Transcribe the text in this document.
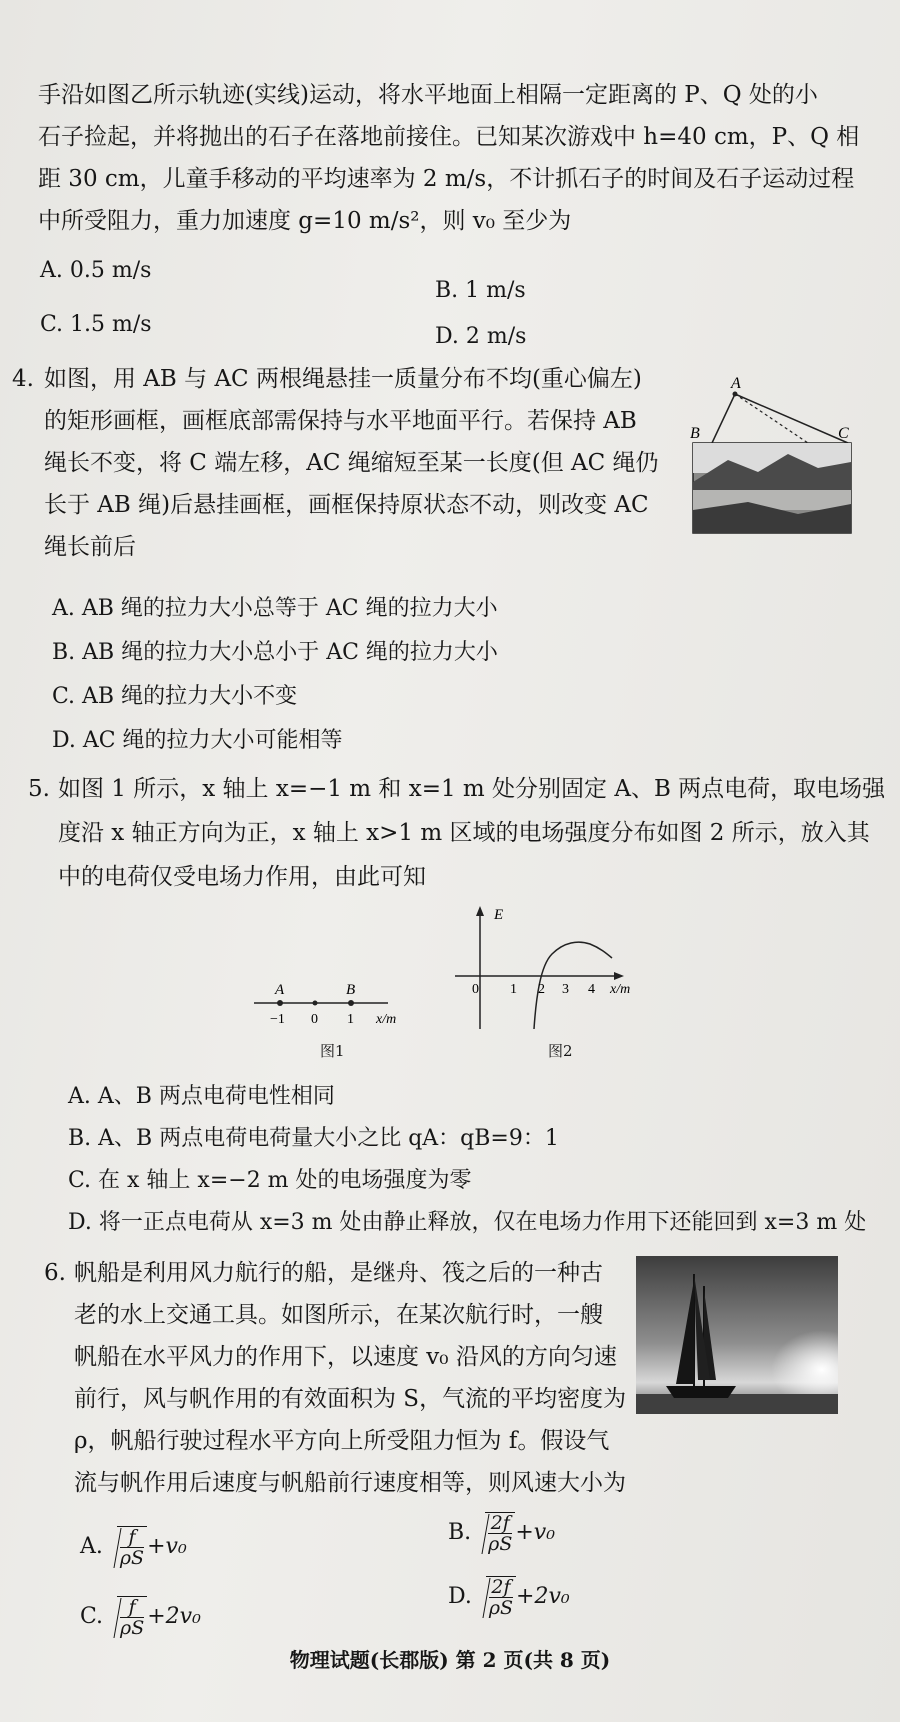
手沿如图乙所示轨迹(实线)运动，将水平地面上相隔一定距离的 P、Q 处的小
石子捡起，并将抛出的石子在落地前接住。已知某次游戏中 h=40 cm，P、Q 相
距 30 cm，儿童手移动的平均速率为 2 m/s，不计抓石子的时间及石子运动过程
中所受阻力，重力加速度 g=10 m/s²，则 v₀ 至少为
A. 0.5 m/s
B. 1 m/s
C. 1.5 m/s	D. 2 m/s
4. 如图，用 AB 与 AC 两根绳悬挂一质量分布不均(重心偏左)
的矩形画框，画框底部需保持与水平地面平行。若保持 AB
绳长不变，将 C 端左移，AC 绳缩短至某一长度(但 AC 绳仍
长于 AB 绳)后悬挂画框，画框保持原状态不动，则改变 AC
绳长前后
A
B	C
A. AB 绳的拉力大小总等于 AC 绳的拉力大小
B. AB 绳的拉力大小总小于 AC 绳的拉力大小
C. AB 绳的拉力大小不变
D. AC 绳的拉力大小可能相等
5. 如图 1 所示，x 轴上 x=−1 m 和 x=1 m 处分别固定 A、B 两点电荷，取电场强
度沿 x 轴正方向为正，x 轴上 x>1 m 区域的电场强度分布如图 2 所示，放入其
中的电荷仅受电场力作用，由此可知
A	B
−1 0 1 x/m
图1
E
0 1 2 3 4 x/m
图2
A. A、B 两点电荷电性相同
B. A、B 两点电荷电荷量大小之比 qA：qB=9：1
C. 在 x 轴上 x=−2 m 处的电场强度为零
D. 将一正点电荷从 x=3 m 处由静止释放，仅在电场力作用下还能回到 x=3 m 处
6. 帆船是利用风力航行的船，是继舟、筏之后的一种古
老的水上交通工具。如图所示，在某次航行时，一艘
帆船在水平风力的作用下，以速度 v₀ 沿风的方向匀速
前行，风与帆作用的有效面积为 S，气流的平均密度为
ρ，帆船行驶过程水平方向上所受阻力恒为 f。假设气
流与帆作用后速度与帆船前行速度相等，则风速大小为
A. $\frac{f}{\rho S} +v_0$
B. $\frac{2f}{\rho S} +v_0$
C. $\frac{f}{\rho S} +2v_0$
D. $\frac{2f}{\rho S} +2v_0$
物理试题(长郡版) 第 2 页(共 8 页)
